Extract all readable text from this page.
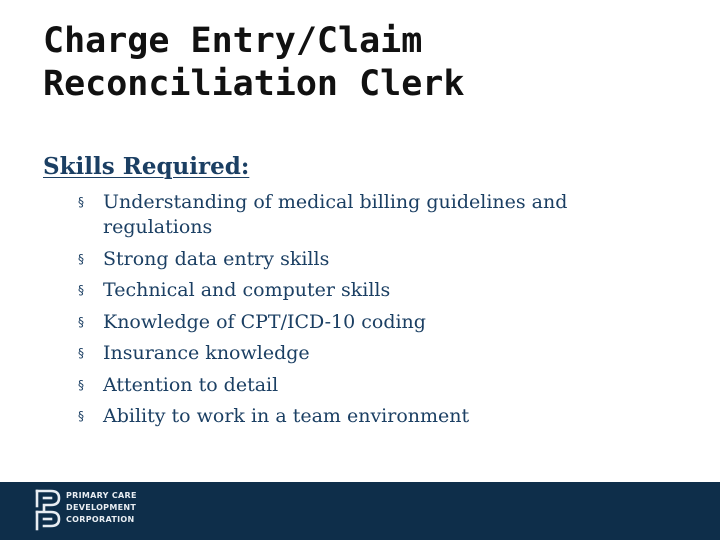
Charge Entry/Claim
Reconciliation Clerk
Skills Required:
§	Understanding of medical billing guidelines and regulations
§	Strong data entry skills
§	Technical and computer skills
§	Knowledge of CPT/ICD-10 coding
§	Insurance knowledge
§	Attention to detail
§	Ability to work in a team environment
PRIMARY CARE
DEVELOPMENT
CORPORATION
